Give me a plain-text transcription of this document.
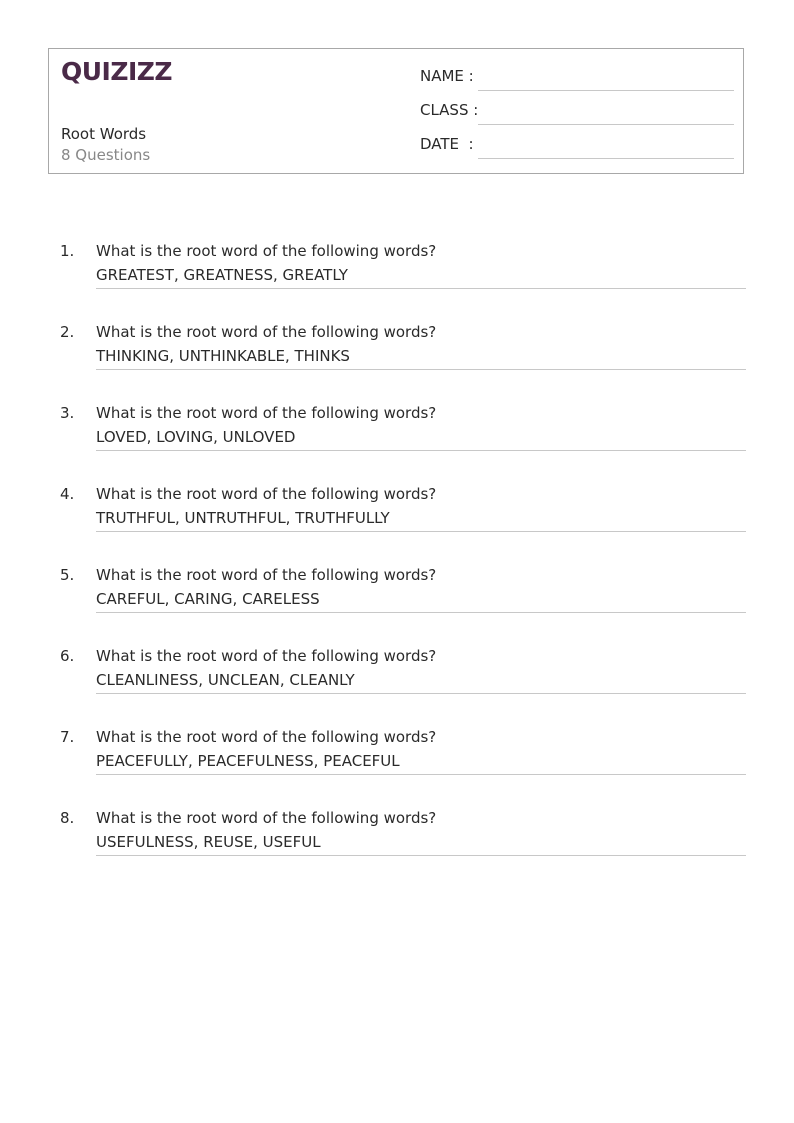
QUIZIZZ
Root Words
8 Questions
NAME :
CLASS :
DATE  :
1. What is the root word of the following words?
GREATEST, GREATNESS, GREATLY
2. What is the root word of the following words?
THINKING, UNTHINKABLE, THINKS
3. What is the root word of the following words?
LOVED, LOVING, UNLOVED
4. What is the root word of the following words?
TRUTHFUL, UNTRUTHFUL, TRUTHFULLY
5. What is the root word of the following words?
CAREFUL, CARING, CARELESS
6. What is the root word of the following words?
CLEANLINESS, UNCLEAN, CLEANLY
7. What is the root word of the following words?
PEACEFULLY, PEACEFULNESS, PEACEFUL
8. What is the root word of the following words?
USEFULNESS, REUSE, USEFUL
